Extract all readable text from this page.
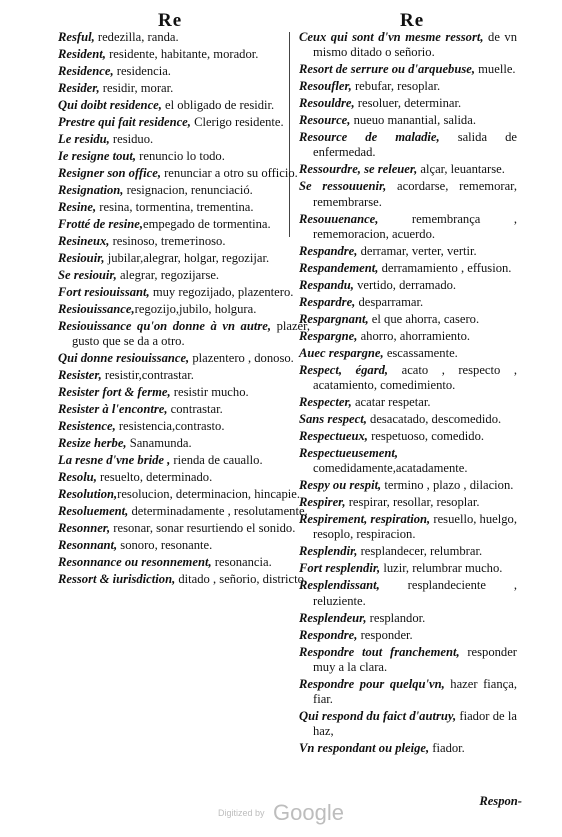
Re	Re
Resful, redezilla, randa.
Resident, residente, habitante, morador.
Residence, residencia.
Resider, residir, morar.
Qui doibt residence, el obligado de residir.
Prestre qui fait residence, Clerigo residente.
Le residu, residuo.
Ie resigne tout, renuncio lo todo.
Resigner son office, renunciar a otro su officio.
Resignation, resignacion, renunciació.
Resine, resina, tormentina, trementina.
Frotté de resine,empegado de tormentina.
Resineux, resinoso, tremeтinoso.
Resiouir, jubilar,alegrar, holgar, regozijar.
Se resiouir, alegrar, regozijarse.
Fort resiouissant, muy regozijado, plazentero.
Resiouissance,regozijo,jubilo, holgura.
Resiouissance qu'on donne à vn autre, plazer, gusto que se da a otro.
Qui donne resiouissance, plazentero , donoso.
Resister, resistir,contrastar.
Resister fort & ferme, resistir mucho.
Resister à l'encontre, contrastar.
Resistence, resistencia,contrasto.
Resize herbe, Sanamunda.
La resne d'vne bride , rienda de cauallo.
Resolu, resuelto, determinado.
Resolution,resolucion, determinacion, hincapie.
Resoluement, determinadamente , resolutamente.
Resonner, resonar, sonar resurtiendo el sonido.
Resonnant, sonoro, resonante.
Resonnance ou resonnement, resonancia.
Ressort & iurisdiction, ditado , señorio, districto.
Ceux qui sont d'vn mesme ressort, de vn mismo ditado o señorio.
Resort de serrure ou d'arquebuse, muelle.
Resoufler, rebufar, resoplar.
Resouldre, resoluer, determinar.
Resource, nueuo manantial, salida.
Resource de maladie, salida de enfermedad.
Ressourdre, se releuer, alçar, leuantarse.
Se ressouuenir, acordarse, rememorar, remembrarse.
Resouuenance, remembrança , rememoracion, acuerdo.
Respandre, derramar, verter, vertir.
Respandement, derramamiento , effusion.
Respandu, vertido, derramado.
Respardre, desparramar.
Respargnant, el que ahorra, casero.
Respargne, ahorro, ahorramiento.
Auec respargne, escassamente.
Respect, égard, acato , respecto , acatamiento, comedimiento.
Respecter, acatar respetar.
Sans respect, desacatado, descomedido.
Respectueux, respetuoso, comedido.
Respectueusement, comedidamente,acatadamente.
Respy ou respit, termino , plazo , dilacion.
Respirer, respirar, resollar, resoplar.
Respirement, respiration, resuello, huelgo, resoplo, respiracion.
Resplendir, resplandecer, relumbrar.
Fort resplendir, luzir, relumbrar mucho.
Resplendissant, resplandeciente , reluziente.
Resplendeur, resplandor.
Respondre, responder.
Respondre tout franchement, responder muy a la clara.
Respondre pour quelqu'vn, hazer fiança, fiar.
Qui respond du faict d'autruy, fiador de la haz,
Vn respondant ou pleige, fiador.
Respon-
Digitized by Google
